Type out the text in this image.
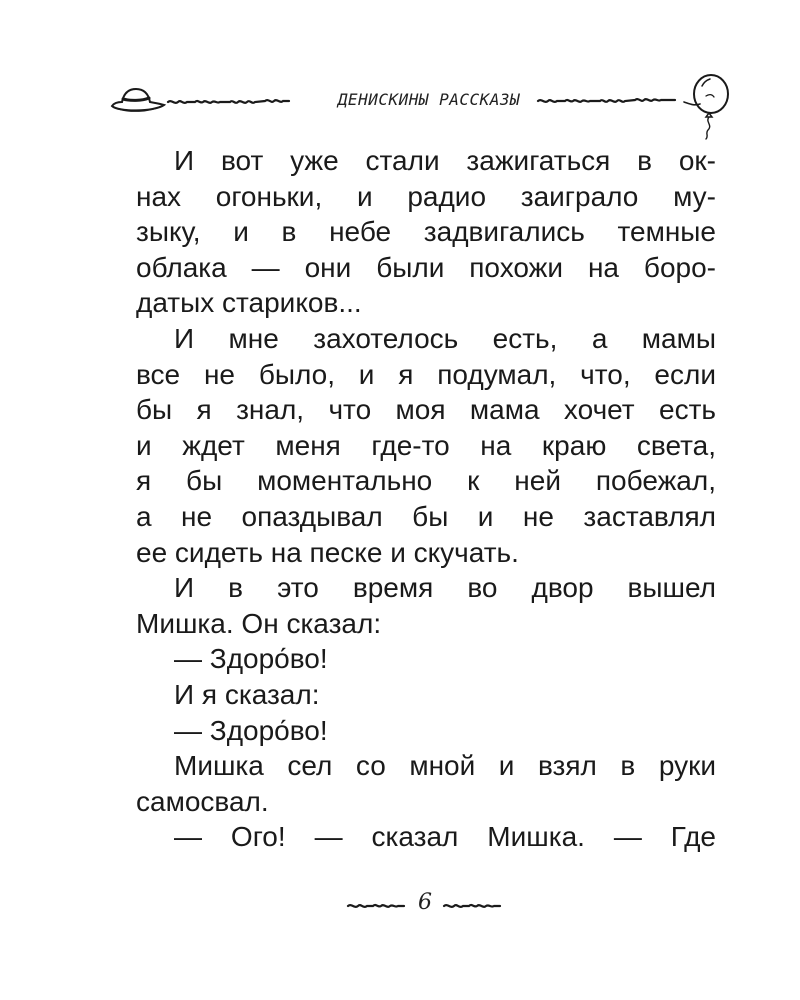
ДЕНИСКИНЫ РАССКАЗЫ
И вот уже стали зажигаться в ок-
нах огоньки, и радио заиграло му-
зыку, и в небе задвигались темные
облака — они были похожи на боро-
датых стариков...
И мне захотелось есть, а мамы
все не было, и я подумал, что, если
бы я знал, что моя мама хочет есть
и ждет меня где-то на краю света,
я бы моментально к ней побежал,
а не опаздывал бы и не заставлял
ее сидеть на песке и скучать.
И в это время во двор вышел
Мишка. Он сказал:
— Здоро́во!
И я сказал:
— Здоро́во!
Мишка сел со мной и взял в руки
самосвал.
— Ого! — сказал Мишка. — Где
6
